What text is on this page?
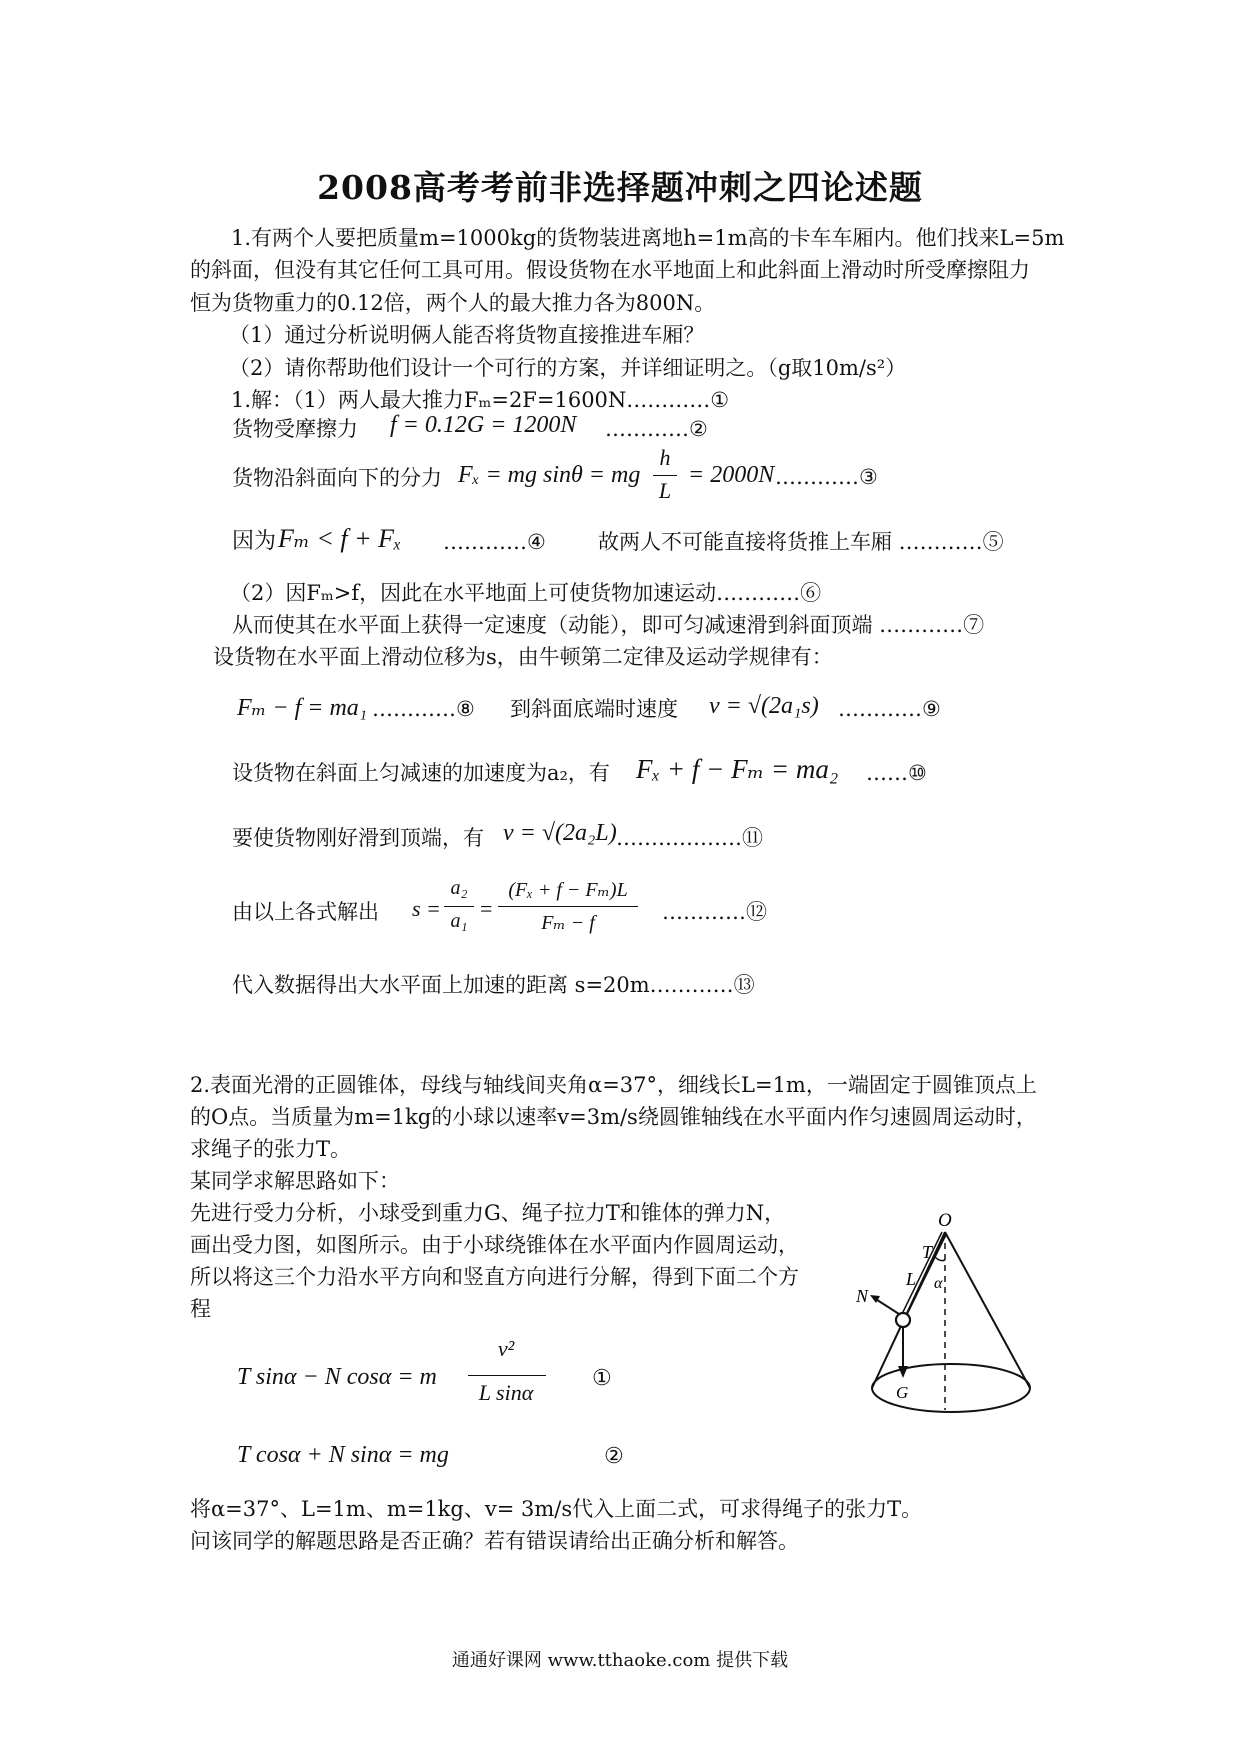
2008高考考前非选择题冲刺之四论述题
1.有两个人要把质量m=1000kg的货物装进离地h=1m高的卡车车厢内。他们找来L=5m
的斜面，但没有其它任何工具可用。假设货物在水平地面上和此斜面上滑动时所受摩擦阻力
恒为货物重力的0.12倍，两个人的最大推力各为800N。
（1）通过分析说明俩人能否将货物直接推进车厢？
（2）请你帮助他们设计一个可行的方案，并详细证明之。（g取10m/s²）
1.解：（1）两人最大推力Fₘ=2F=1600N…………①
货物受摩擦力 f = 0.12G = 1200N …………②
货物沿斜面向下的分力 Fₓ = mg sinθ = mg
h
L
= 2000N …………③
因为 Fₘ < f + Fₓ …………④ 故两人不可能直接将货推上车厢 …………⑤
（2）因Fₘ>f，因此在水平地面上可使货物加速运动…………⑥
从而使其在水平面上获得一定速度（动能），即可匀减速滑到斜面顶端 …………⑦
设货物在水平面上滑动位移为s，由牛顿第二定律及运动学规律有：
Fₘ − f = ma₁ …………⑧ 到斜面底端时速度 v = √(2a₁s) …………⑨
设货物在斜面上匀减速的加速度为a₂，有 Fₓ + f − Fₘ = ma₂ ……⑩
要使货物刚好滑到顶端，有 v = √(2a₂L) ………………⑪
由以上各式解出 s =
a₂
a₁ =
(Fₓ + f − Fₘ)L
Fₘ − f	…………⑫
代入数据得出大水平面上加速的距离 s=20m…………⑬
2.表面光滑的正圆锥体，母线与轴线间夹角α=37°，细线长L=1m，一端固定于圆锥顶点上
的O点。当质量为m=1kg的小球以速率v=3m/s绕圆锥轴线在水平面内作匀速圆周运动时，
求绳子的张力T。
某同学求解思路如下：
先进行受力分析，小球受到重力G、绳子拉力T和锥体的弹力N，
画出受力图，如图所示。由于小球绕锥体在水平面内作圆周运动，
所以将这三个力沿水平方向和竖直方向进行分解，得到下面二个方
程
T sinα − N cosα = m
v²
L sinα
①
T cosα + N sinα = mg	②
将α=37°、L=1m、m=1kg、v= 3m/s代入上面二式，可求得绳子的张力T。
问该同学的解题思路是否正确？若有错误请给出正确分析和解答。
O
T
L α
N
G
通通好课网 www.tthaoke.com 提供下载
